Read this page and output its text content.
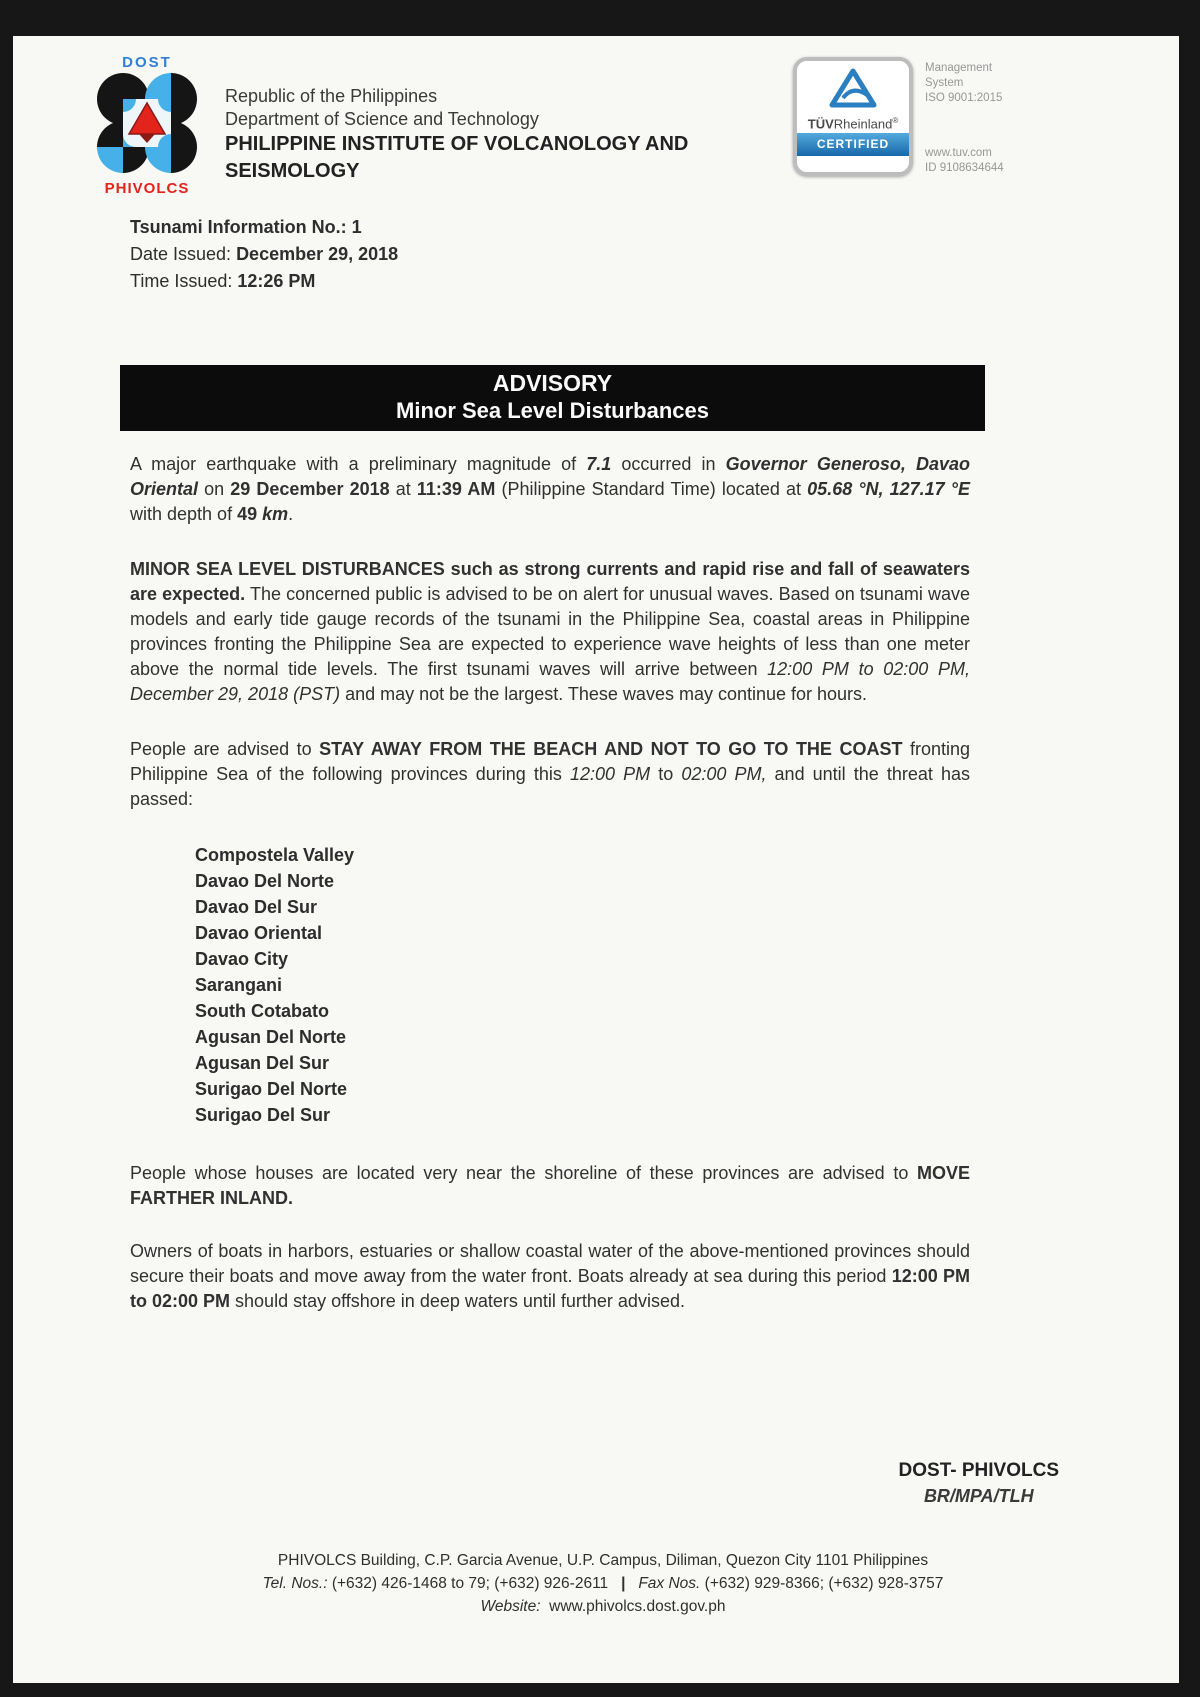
DOST
PHIVOLCS
Republic of the Philippines
Department of Science and Technology
PHILIPPINE INSTITUTE OF VOLCANOLOGY AND SEISMOLOGY
TÜVRheinland®
CERTIFIED
Management
System
ISO 9001:2015
www.tuv.com
ID 9108634644
Tsunami Information No.: 1
Date Issued: December 29, 2018
Time Issued: 12:26 PM
ADVISORY
Minor Sea Level Disturbances
A major earthquake with a preliminary magnitude of 7.1 occurred in Governor Generoso, Davao Oriental on 29 December 2018 at 11:39 AM (Philippine Standard Time) located at 05.68 °N, 127.17 °E with depth of 49 km.
MINOR SEA LEVEL DISTURBANCES such as strong currents and rapid rise and fall of seawaters are expected. The concerned public is advised to be on alert for unusual waves. Based on tsunami wave models and early tide gauge records of the tsunami in the Philippine Sea, coastal areas in Philippine provinces fronting the Philippine Sea are expected to experience wave heights of less than one meter above the normal tide levels. The first tsunami waves will arrive between 12:00 PM to 02:00 PM, December 29, 2018 (PST) and may not be the largest. These waves may continue for hours.
People are advised to STAY AWAY FROM THE BEACH AND NOT TO GO TO THE COAST fronting Philippine Sea of the following provinces during this 12:00 PM to 02:00 PM, and until the threat has passed:
Compostela Valley
Davao Del Norte
Davao Del Sur
Davao Oriental
Davao City
Sarangani
South Cotabato
Agusan Del Norte
Agusan Del Sur
Surigao Del Norte
Surigao Del Sur
People whose houses are located very near the shoreline of these provinces are advised to MOVE FARTHER INLAND.
Owners of boats in harbors, estuaries or shallow coastal water of the above-mentioned provinces should secure their boats and move away from the water front. Boats already at sea during this period 12:00 PM to 02:00 PM should stay offshore in deep waters until further advised.
DOST- PHIVOLCS
BR/MPA/TLH
PHIVOLCS Building, C.P. Garcia Avenue, U.P. Campus, Diliman, Quezon City 1101 Philippines
Tel. Nos.: (+632) 426-1468 to 79; (+632) 926-2611   | Fax Nos. (+632) 929-8366; (+632) 928-3757
Website:  www.phivolcs.dost.gov.ph
